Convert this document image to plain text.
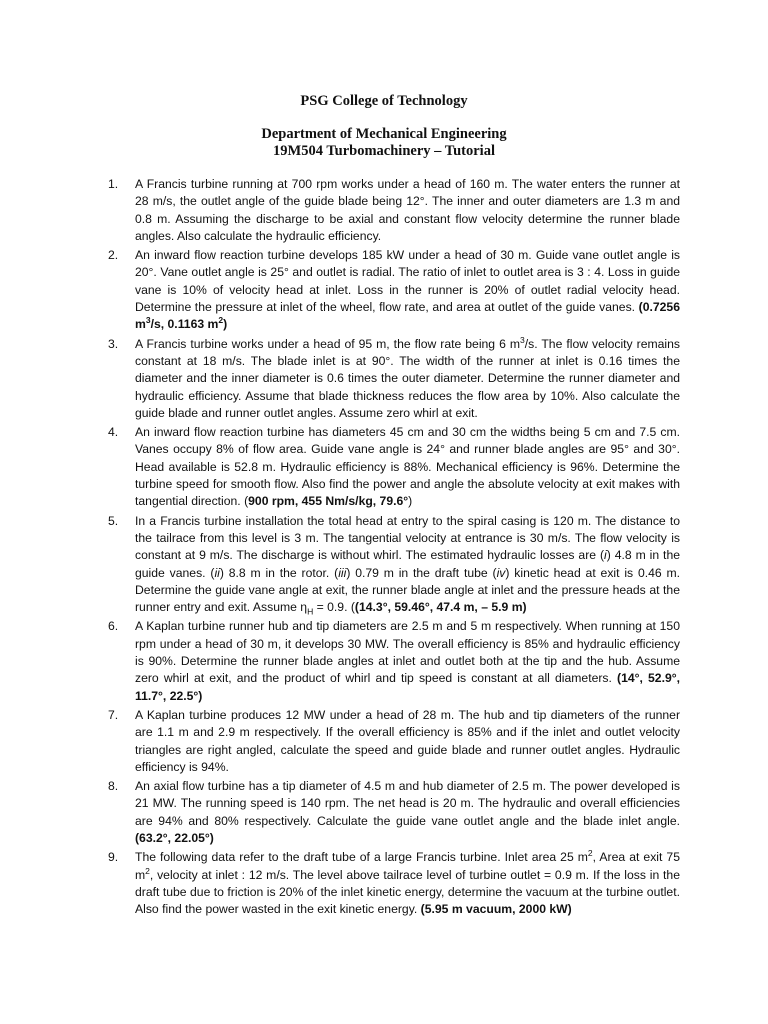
PSG College of Technology
Department of Mechanical Engineering
19M504 Turbomachinery – Tutorial
1.	A Francis turbine running at 700 rpm works under a head of 160 m. The water enters the runner at 28 m/s, the outlet angle of the guide blade being 12°. The inner and outer diameters are 1.3 m and 0.8 m. Assuming the discharge to be axial and constant flow velocity determine the runner blade angles. Also calculate the hydraulic efficiency.
2.	An inward flow reaction turbine develops 185 kW under a head of 30 m. Guide vane outlet angle is 20°. Vane outlet angle is 25° and outlet is radial. The ratio of inlet to outlet area is 3 : 4. Loss in guide vane is 10% of velocity head at inlet. Loss in the runner is 20% of outlet radial velocity head. Determine the pressure at inlet of the wheel, flow rate, and area at outlet of the guide vanes. (0.7256 $m^3/s$, 0.1163 $m^2$)
3.	A Francis turbine works under a head of 95 m, the flow rate being 6 $m^3/s$. The flow velocity remains constant at 18 m/s. The blade inlet is at 90°. The width of the runner at inlet is 0.16 times the diameter and the inner diameter is 0.6 times the outer diameter. Determine the runner diameter and hydraulic efficiency. Assume that blade thickness reduces the flow area by 10%. Also calculate the guide blade and runner outlet angles. Assume zero whirl at exit.
4.	An inward flow reaction turbine has diameters 45 cm and 30 cm the widths being 5 cm and 7.5 cm. Vanes occupy 8% of flow area. Guide vane angle is 24° and runner blade angles are 95° and 30°. Head available is 52.8 m. Hydraulic efficiency is 88%. Mechanical efficiency is 96%. Determine the turbine speed for smooth flow. Also find the power and angle the absolute velocity at exit makes with tangential direction. (900 rpm, 455 Nm/s/kg, 79.6°)
5.	In a Francis turbine installation the total head at entry to the spiral casing is 120 m. The distance to the tailrace from this level is 3 m. The tangential velocity at entrance is 30 m/s. The flow velocity is constant at 9 m/s. The discharge is without whirl. The estimated hydraulic losses are (i) 4.8 m in the guide vanes. (ii) 8.8 m in the rotor. (iii) 0.79 m in the draft tube (iv) kinetic head at exit is 0.46 m. Determine the guide vane angle at exit, the runner blade angle at inlet and the pressure heads at the runner entry and exit. Assume $\eta_H = 0.9$. ((14.3°, 59.46°, 47.4 m, – 5.9 m)
6.	A Kaplan turbine runner hub and tip diameters are 2.5 m and 5 m respectively. When running at 150 rpm under a head of 30 m, it develops 30 MW. The overall efficiency is 85% and hydraulic efficiency is 90%. Determine the runner blade angles at inlet and outlet both at the tip and the hub. Assume zero whirl at exit, and the product of whirl and tip speed is constant at all diameters. (14°, 52.9°, 11.7°, 22.5°)
7.	A Kaplan turbine produces 12 MW under a head of 28 m. The hub and tip diameters of the runner are 1.1 m and 2.9 m respectively. If the overall efficiency is 85% and if the inlet and outlet velocity triangles are right angled, calculate the speed and guide blade and runner outlet angles. Hydraulic efficiency is 94%.
8.	An axial flow turbine has a tip diameter of 4.5 m and hub diameter of 2.5 m. The power developed is 21 MW. The running speed is 140 rpm. The net head is 20 m. The hydraulic and overall efficiencies are 94% and 80% respectively. Calculate the guide vane outlet angle and the blade inlet angle. (63.2°, 22.05°)
9.	The following data refer to the draft tube of a large Francis turbine. Inlet area 25 $m^2$, Area at exit 75 $m^2$, velocity at inlet : 12 m/s. The level above tailrace level of turbine outlet = 0.9 m. If the loss in the draft tube due to friction is 20% of the inlet kinetic energy, determine the vacuum at the turbine outlet. Also find the power wasted in the exit kinetic energy. (5.95 m vacuum, 2000 kW)
